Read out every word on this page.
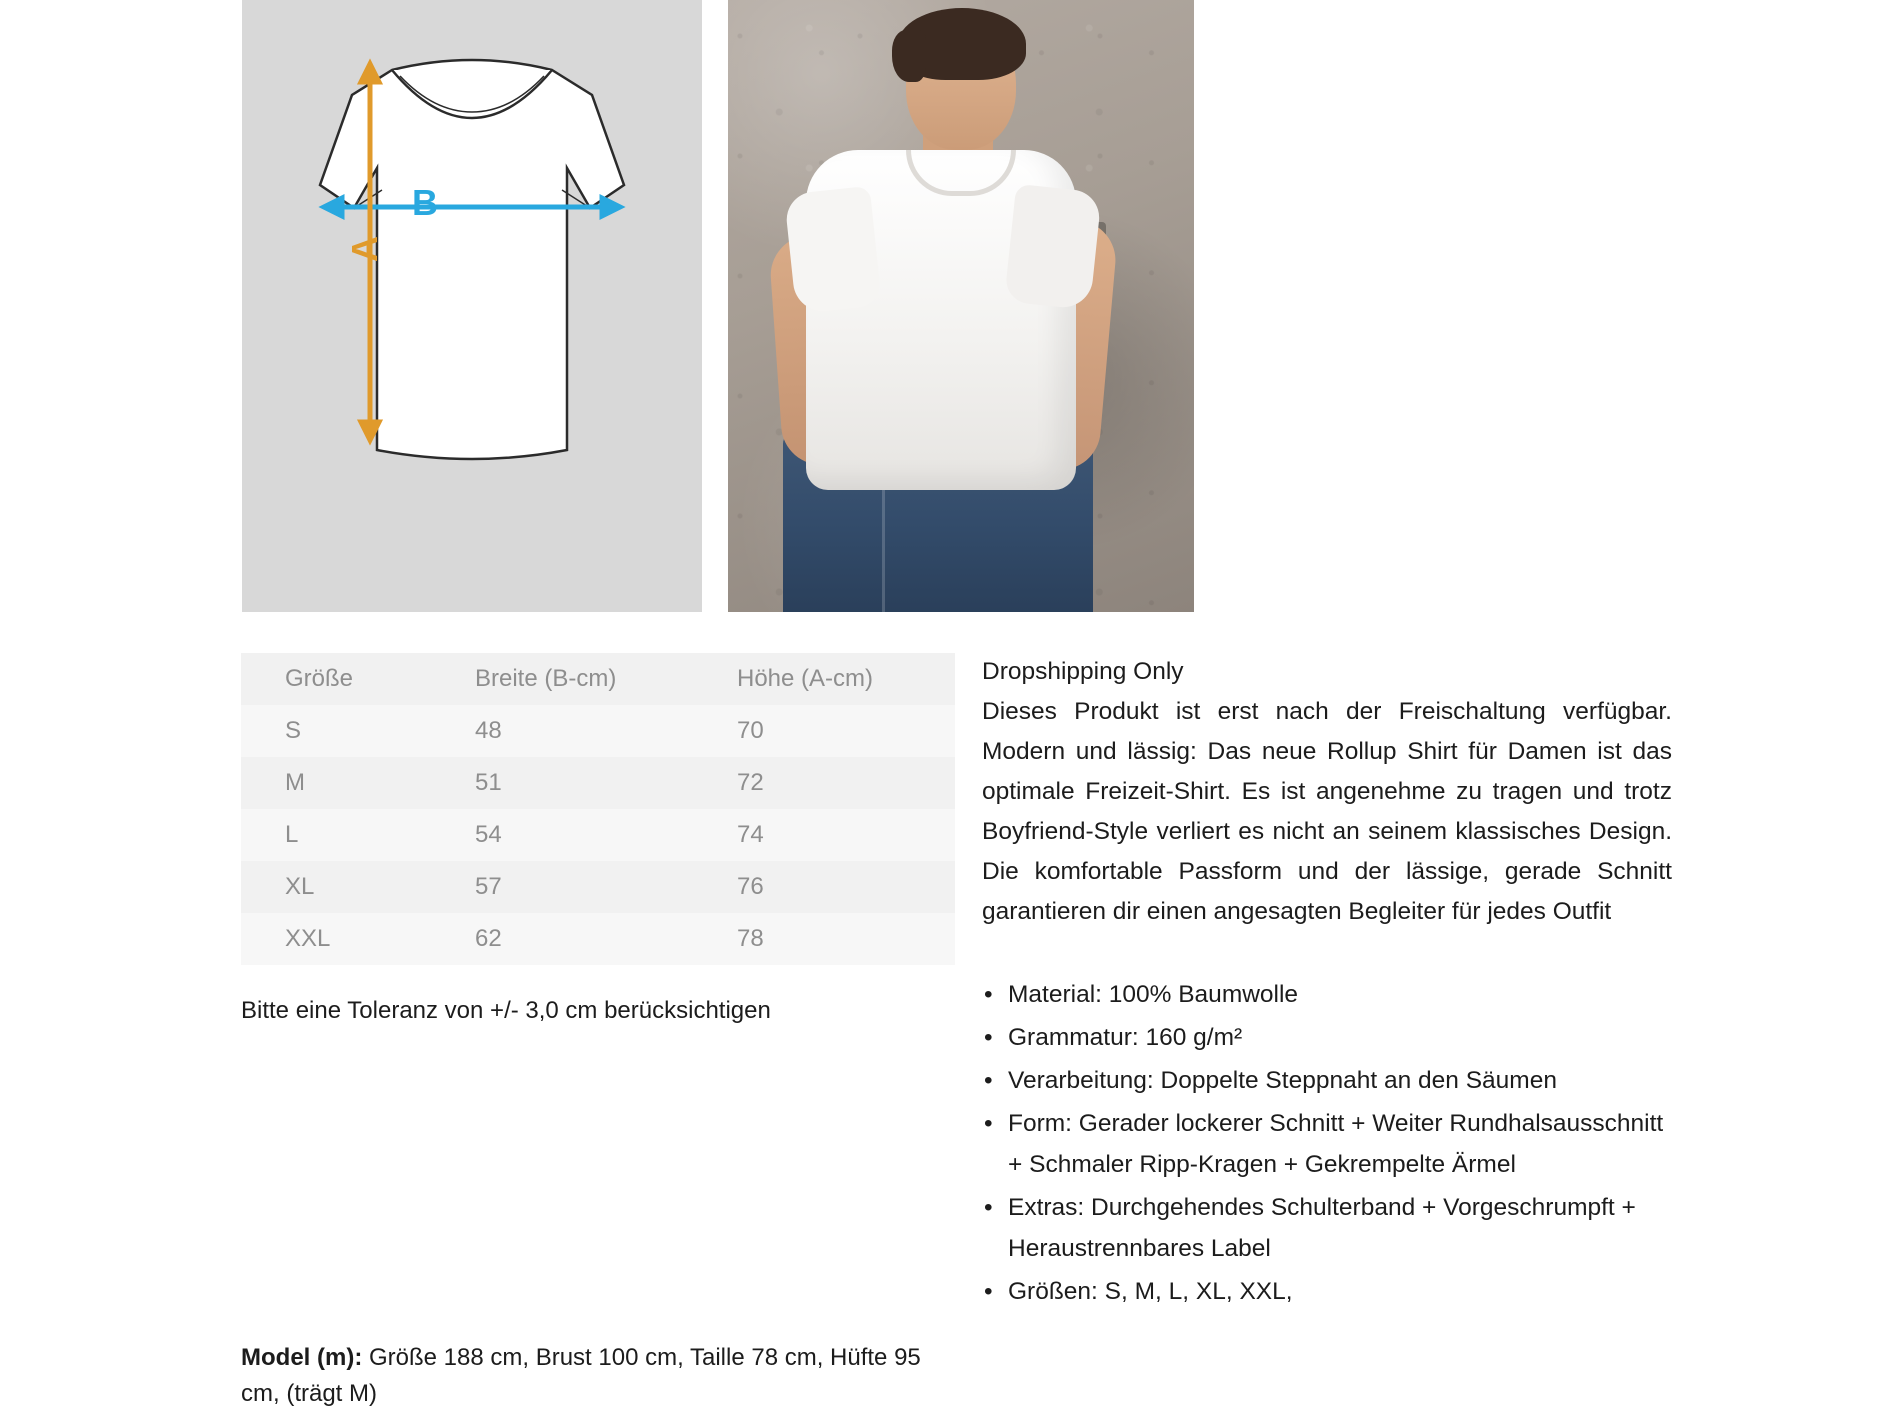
B
A
Größe	Breite (B-cm)	Höhe (A-cm)
S	48	70
M	51	72
L	54	74
XL	57	76
XXL	62	78
Bitte eine Toleranz von +/- 3,0 cm berücksichtigen
Model (m): Größe 188 cm, Brust 100 cm, Taille 78 cm, Hüfte 95 cm, (trägt M)
Dropshipping Only

Dieses Produkt ist erst nach der Freischaltung verfügbar. Modern und lässig: Das neue Rollup Shirt für Damen ist das optimale Freizeit-Shirt. Es ist angenehme zu tragen und trotz Boyfriend-Style verliert es nicht an seinem klassisches Design. Die komfortable Passform und der lässige, gerade Schnitt garantieren dir einen angesagten Begleiter für jedes Outfit

• Material: 100% Baumwolle
• Grammatur: 160 g/m²
• Verarbeitung: Doppelte Steppnaht an den Säumen
• Form: Gerader lockerer Schnitt + Weiter Rundhalsausschnitt + Schmaler Ripp-Kragen + Gekrempelte Ärmel
• Extras: Durchgehendes Schulterband + Vorgeschrumpft + Heraustrennbares Label
• Größen: S, M, L, XL, XXL,
